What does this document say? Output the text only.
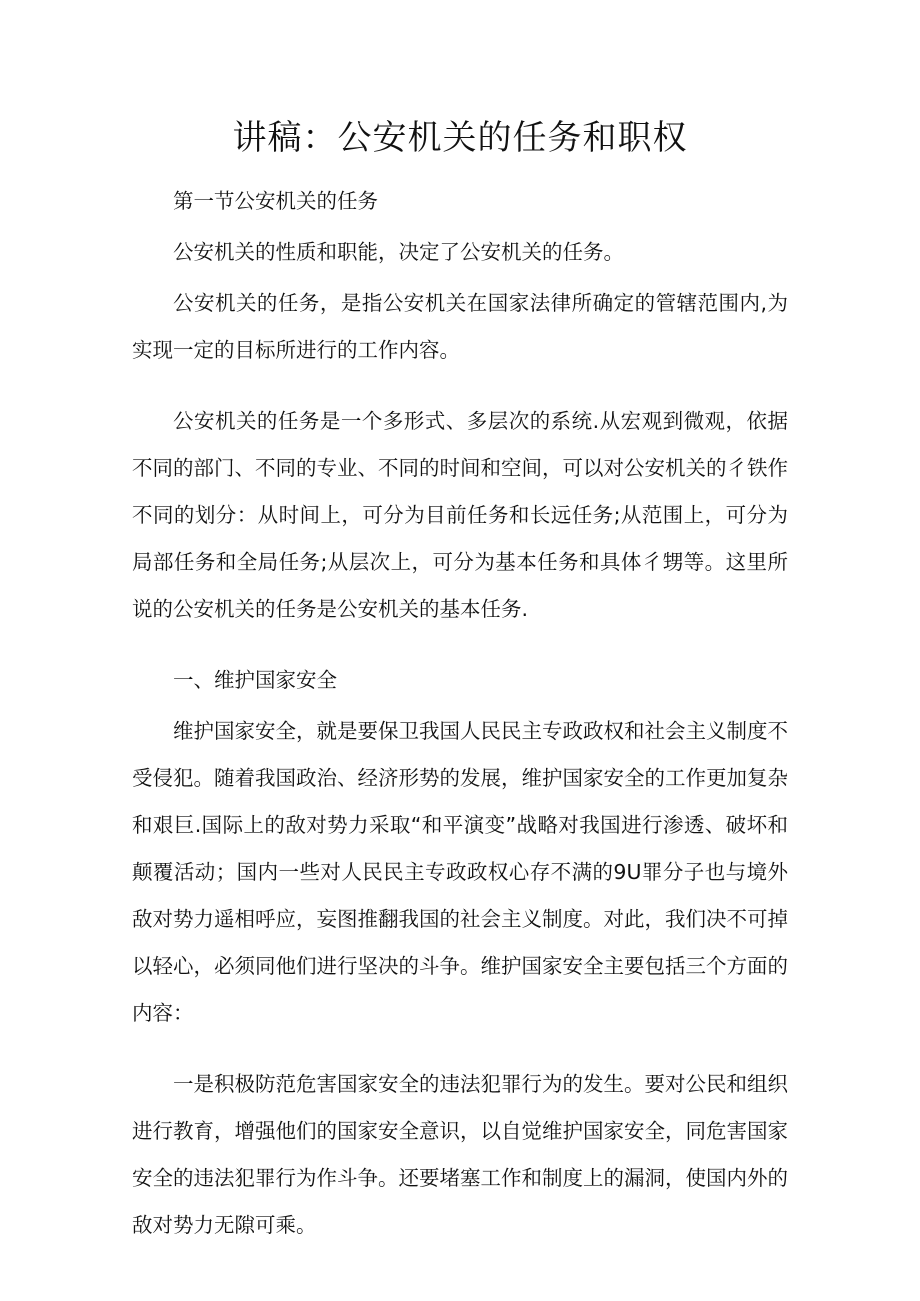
讲稿：公安机关的任务和职权

第一节公安机关的任务

公安机关的性质和职能，决定了公安机关的任务。

公安机关的任务，是指公安机关在国家法律所确定的管辖范围内,为实现一定的目标所进行的工作内容。

公安机关的任务是一个多形式、多层次的系统.从宏观到微观，依据不同的部门、不同的专业、不同的时间和空间，可以对公安机关的彳铁作不同的划分：从时间上，可分为目前任务和长远任务;从范围上，可分为局部任务和全局任务;从层次上，可分为基本任务和具体彳甥等。这里所说的公安机关的任务是公安机关的基本任务.

一、维护国家安全

维护国家安全，就是要保卫我国人民民主专政政权和社会主义制度不受侵犯。随着我国政治、经济形势的发展，维护国家安全的工作更加复杂和艰巨.国际上的敌对势力采取“和平演变”战略对我国进行渗透、破坏和颠覆活动；国内一些对人民民主专政政权心存不满的9U罪分子也与境外敌对势力遥相呼应，妄图推翻我国的社会主义制度。对此，我们决不可掉以轻心，必须同他们进行坚决的斗争。维护国家安全主要包括三个方面的内容：

一是积极防范危害国家安全的违法犯罪行为的发生。要对公民和组织进行教育，增强他们的国家安全意识，以自觉维护国家安全，同危害国家安全的违法犯罪行为作斗争。还要堵塞工作和制度上的漏洞，使国内外的敌对势力无隙可乘。
